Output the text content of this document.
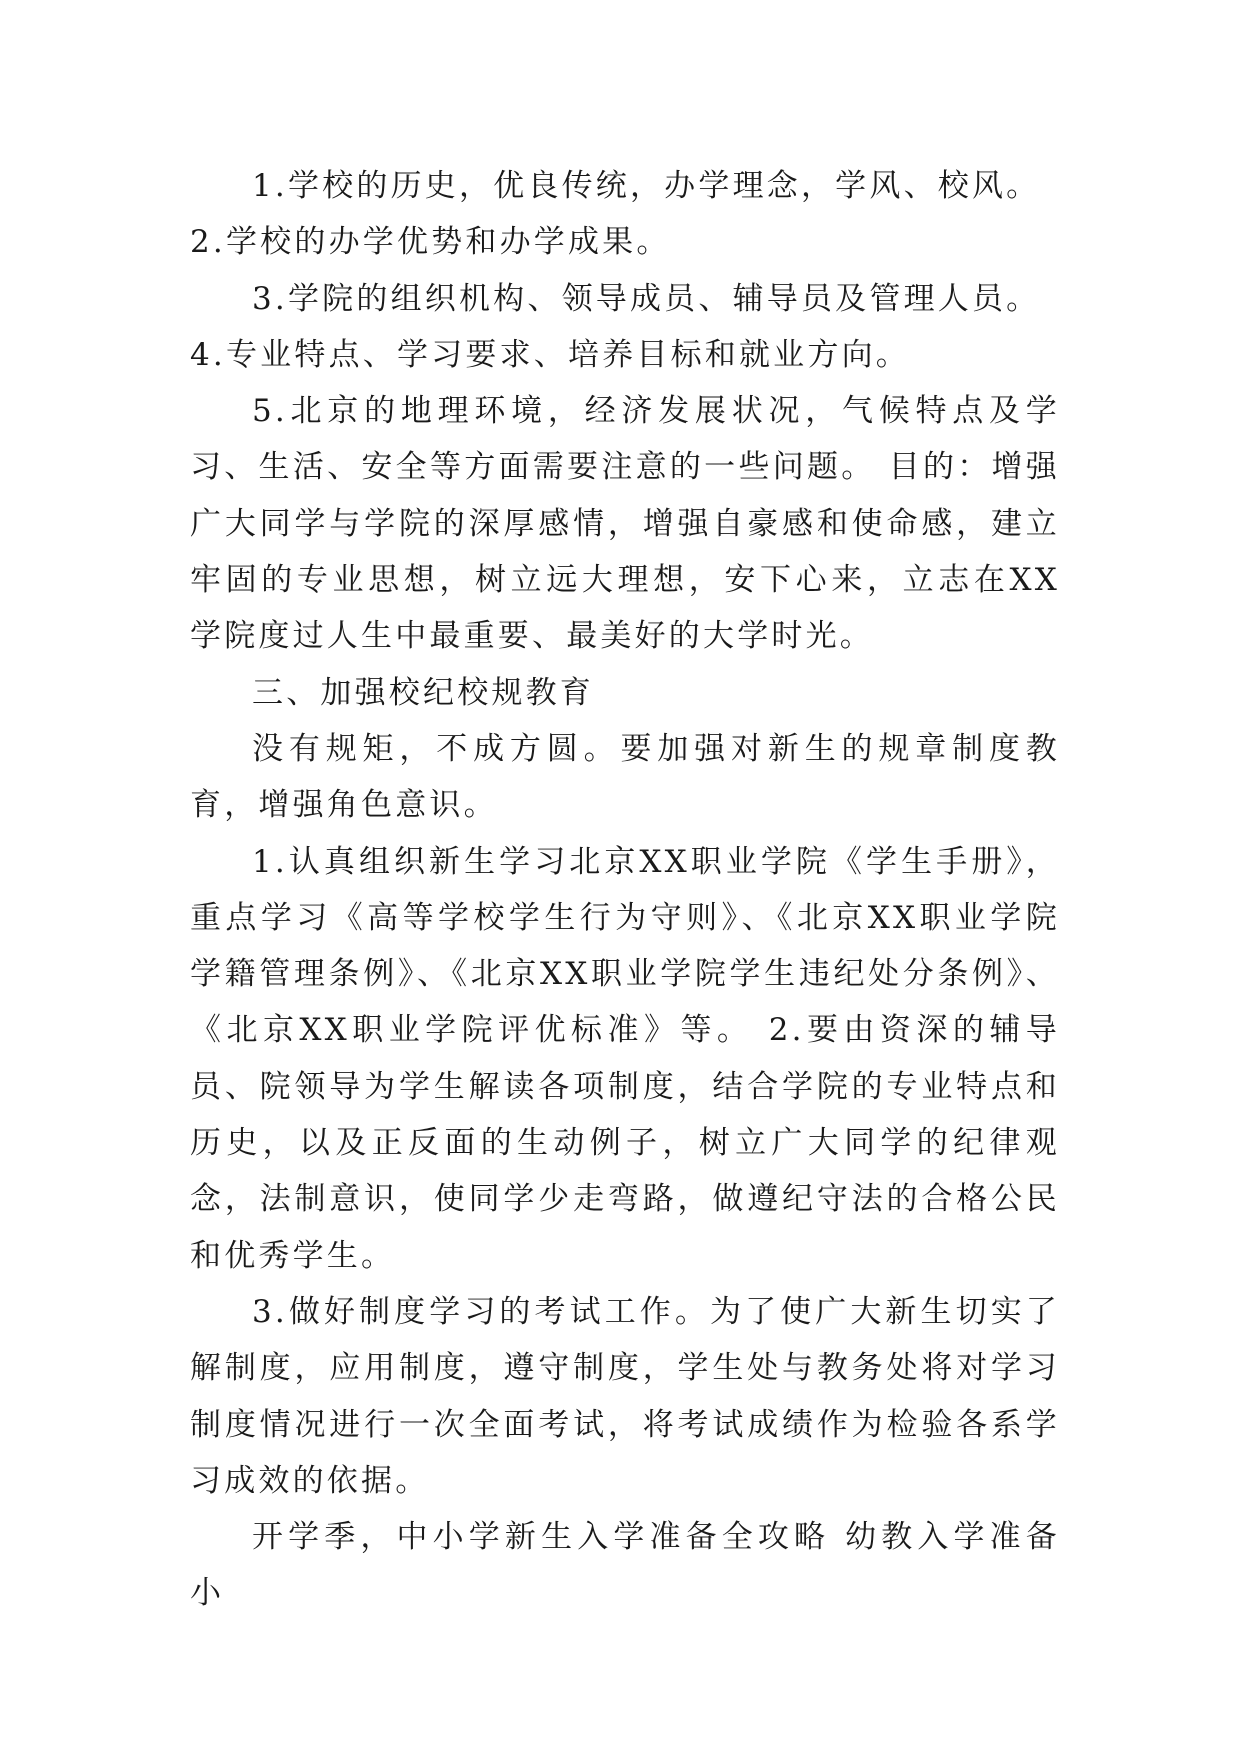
1.学校的历史，优良传统，办学理念，学风、校风。

2.学校的办学优势和办学成果。

3.学院的组织机构、领导成员、辅导员及管理人员。

4.专业特点、学习要求、培养目标和就业方向。

5.北京的地理环境，经济发展状况，气候特点及学习、生活、安全等方面需要注意的一些问题。 目的：增强广大同学与学院的深厚感情，增强自豪感和使命感，建立牢固的专业思想，树立远大理想，安下心来，立志在XX学院度过人生中最重要、最美好的大学时光。

三、加强校纪校规教育

没有规矩，不成方圆。要加强对新生的规章制度教育，增强角色意识。

1.认真组织新生学习北京XX职业学院《学生手册》，重点学习《高等学校学生行为守则》、《北京XX职业学院学籍管理条例》、《北京XX职业学院学生违纪处分条例》、《北京XX职业学院评优标准》等。 2.要由资深的辅导员、院领导为学生解读各项制度，结合学院的专业特点和历史，以及正反面的生动例子，树立广大同学的纪律观念，法制意识，使同学少走弯路，做遵纪守法的合格公民和优秀学生。

3.做好制度学习的考试工作。为了使广大新生切实了解制度，应用制度，遵守制度，学生处与教务处将对学习制度情况进行一次全面考试，将考试成绩作为检验各系学习成效的依据。

开学季，中小学新生入学准备全攻略 幼教入学准备 小
